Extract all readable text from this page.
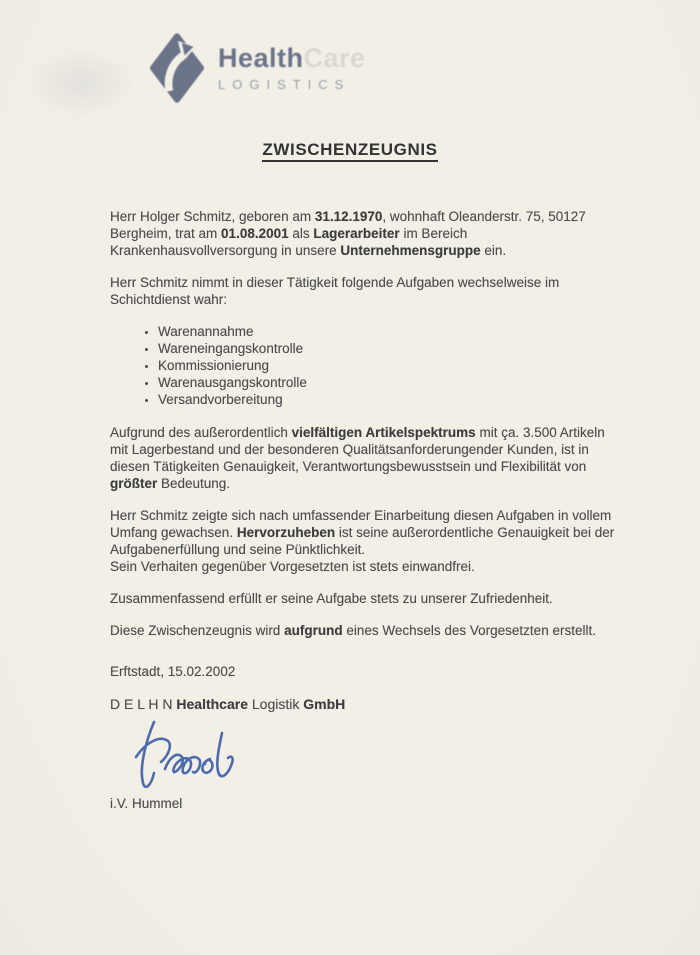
HealthCare
LOGISTICS
ZWISCHENZEUGNIS

Herr Holger Schmitz, geboren am 31.12.1970, wohnhaft Oleanderstr. 75, 50127 Bergheim, trat am 01.08.2001 als Lagerarbeiter im Bereich Krankenhausvollversorgung in unsere Unternehmensgruppe ein.

Herr Schmitz nimmt in dieser Tätigkeit folgende Aufgaben wechselweise im Schichtdienst wahr:

• Warenannahme
• Wareneingangskontrolle
• Kommissionierung
• Warenausgangskontrolle
• Versandvorbereitung

Aufgrund des außerordentlich vielfältigen Artikelspektrums mit ça. 3.500 Artikeln mit Lagerbestand und der besonderen Qualitätsanforderungender Kunden, ist in diesen Tätigkeiten Genauigkeit, Verantwortungsbewusstsein und Flexibilität von größter Bedeutung.

Herr Schmitz zeigte sich nach umfassender Einarbeitung diesen Aufgaben in vollem Umfang gewachsen. Hervorzuheben ist seine außerordentliche Genauigkeit bei der Aufgabenerfüllung und seine Pünktlichkeit.

Sein Verhaiten gegenüber Vorgesetzten ist stets einwandfrei.

Zusammenfassend erfüllt er seine Aufgabe stets zu unserer Zufriedenheit.

Diese Zwischenzeugnis wird aufgrund eines Wechsels des Vorgesetzten erstellt.

Erftstadt, 15.02.2002

D E L H N Healthcare Logistik GmbH

i.V. Hummel
